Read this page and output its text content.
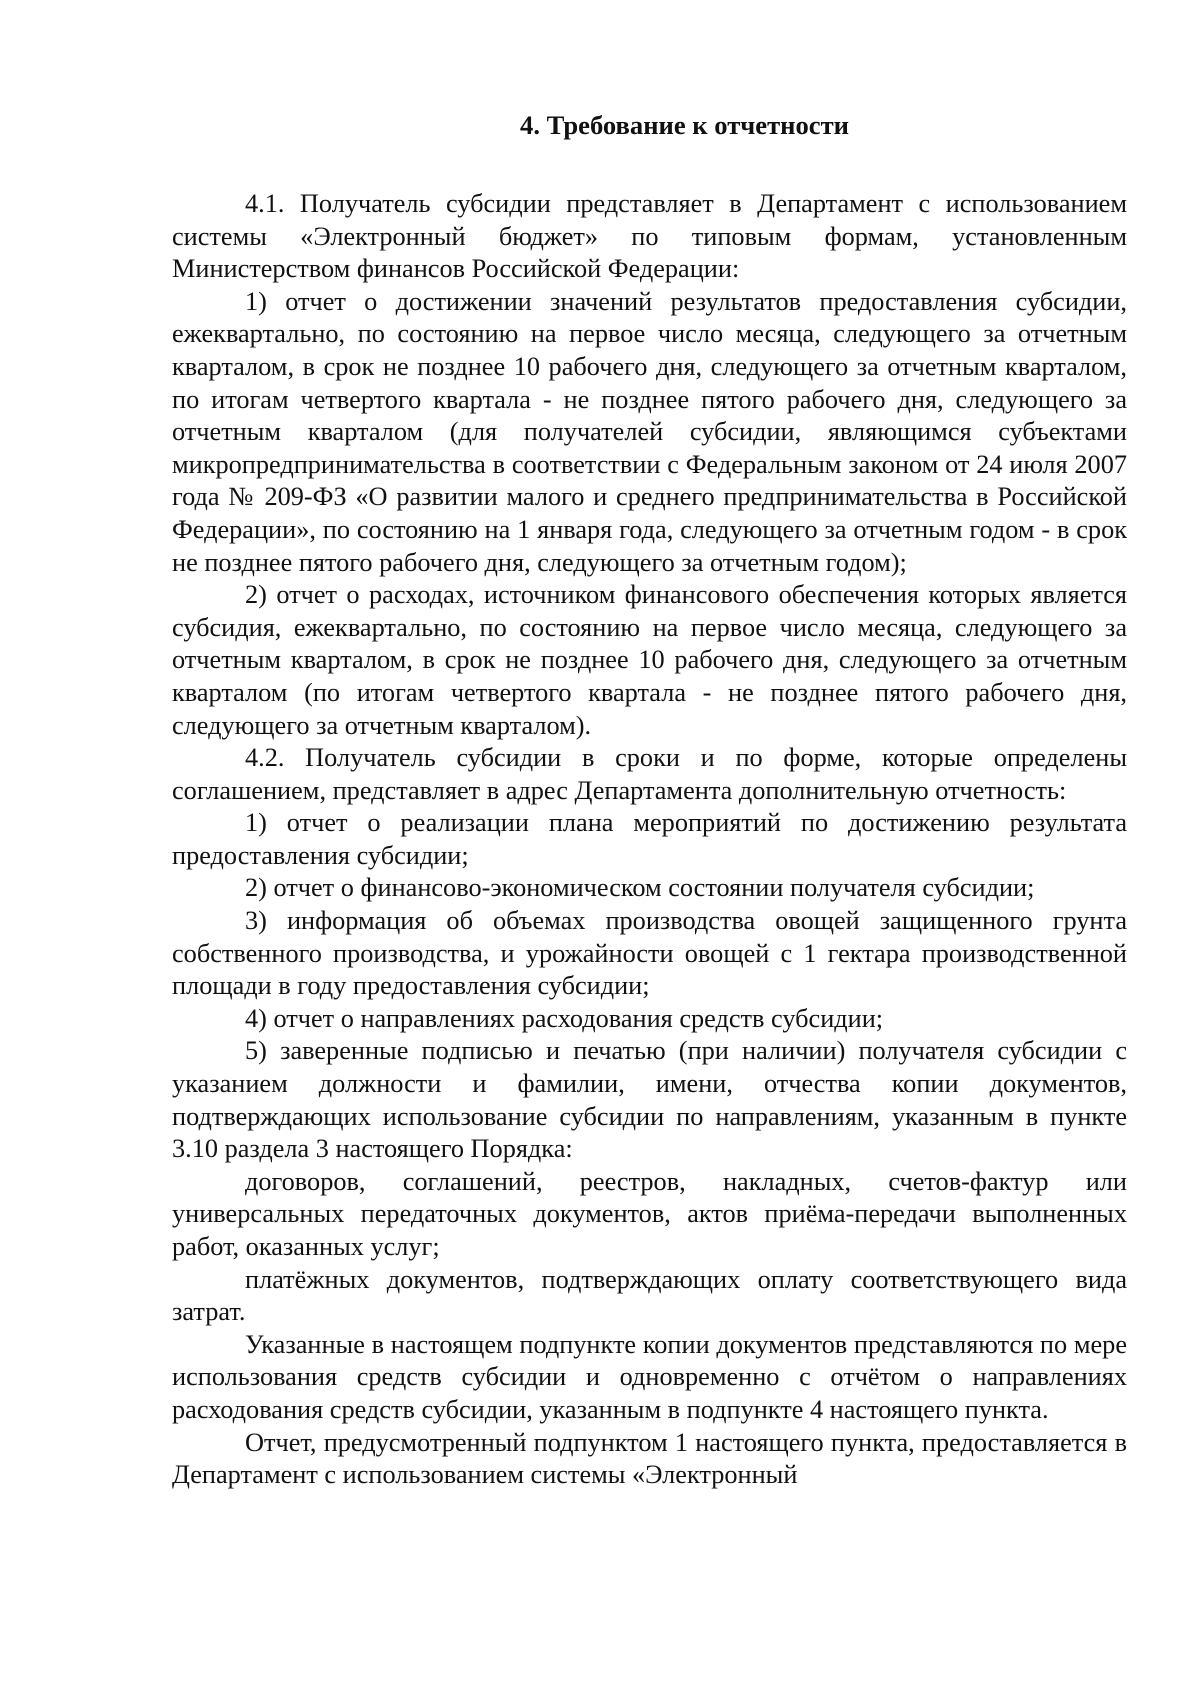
4. Требование к отчетности

4.1. Получатель субсидии представляет в Департамент с использованием системы «Электронный бюджет» по типовым формам, установленным Министерством финансов Российской Федерации:

1) отчет о достижении значений результатов предоставления субсидии, ежеквартально, по состоянию на первое число месяца, следующего за отчетным кварталом, в срок не позднее 10 рабочего дня, следующего за отчетным кварталом, по итогам четвертого квартала - не позднее пятого рабочего дня, следующего за отчетным кварталом (для получателей субсидии, являющимся субъектами микропредпринимательства в соответствии с Федеральным законом от 24 июля 2007 года № 209-ФЗ «О развитии малого и среднего предпринимательства в Российской Федерации», по состоянию на 1 января года, следующего за отчетным годом - в срок не позднее пятого рабочего дня, следующего за отчетным годом);

2) отчет о расходах, источником финансового обеспечения которых является субсидия, ежеквартально, по состоянию на первое число месяца, следующего за отчетным кварталом, в срок не позднее 10 рабочего дня, следующего за отчетным кварталом (по итогам четвертого квартала - не позднее пятого рабочего дня, следующего за отчетным кварталом).

4.2. Получатель субсидии в сроки и по форме, которые определены соглашением, представляет в адрес Департамента дополнительную отчетность:

1) отчет о реализации плана мероприятий по достижению результата предоставления субсидии;

2) отчет о финансово-экономическом состоянии получателя субсидии;

3) информация об объемах производства овощей защищенного грунта собственного производства, и урожайности овощей с 1 гектара производственной площади в году предоставления субсидии;

4) отчет о направлениях расходования средств субсидии;

5) заверенные подписью и печатью (при наличии) получателя субсидии с указанием должности и фамилии, имени, отчества копии документов, подтверждающих использование субсидии по направлениям, указанным в пункте 3.10 раздела 3 настоящего Порядка:

договоров, соглашений, реестров, накладных, счетов-фактур или универсальных передаточных документов, актов приёма-передачи выполненных работ, оказанных услуг;

платёжных документов, подтверждающих оплату соответствующего вида затрат.

Указанные в настоящем подпункте копии документов представляются по мере использования средств субсидии и одновременно с отчётом о направлениях расходования средств субсидии, указанным в подпункте 4 настоящего пункта.

Отчет, предусмотренный подпунктом 1 настоящего пункта, предоставляется в Департамент с использованием системы «Электронный
